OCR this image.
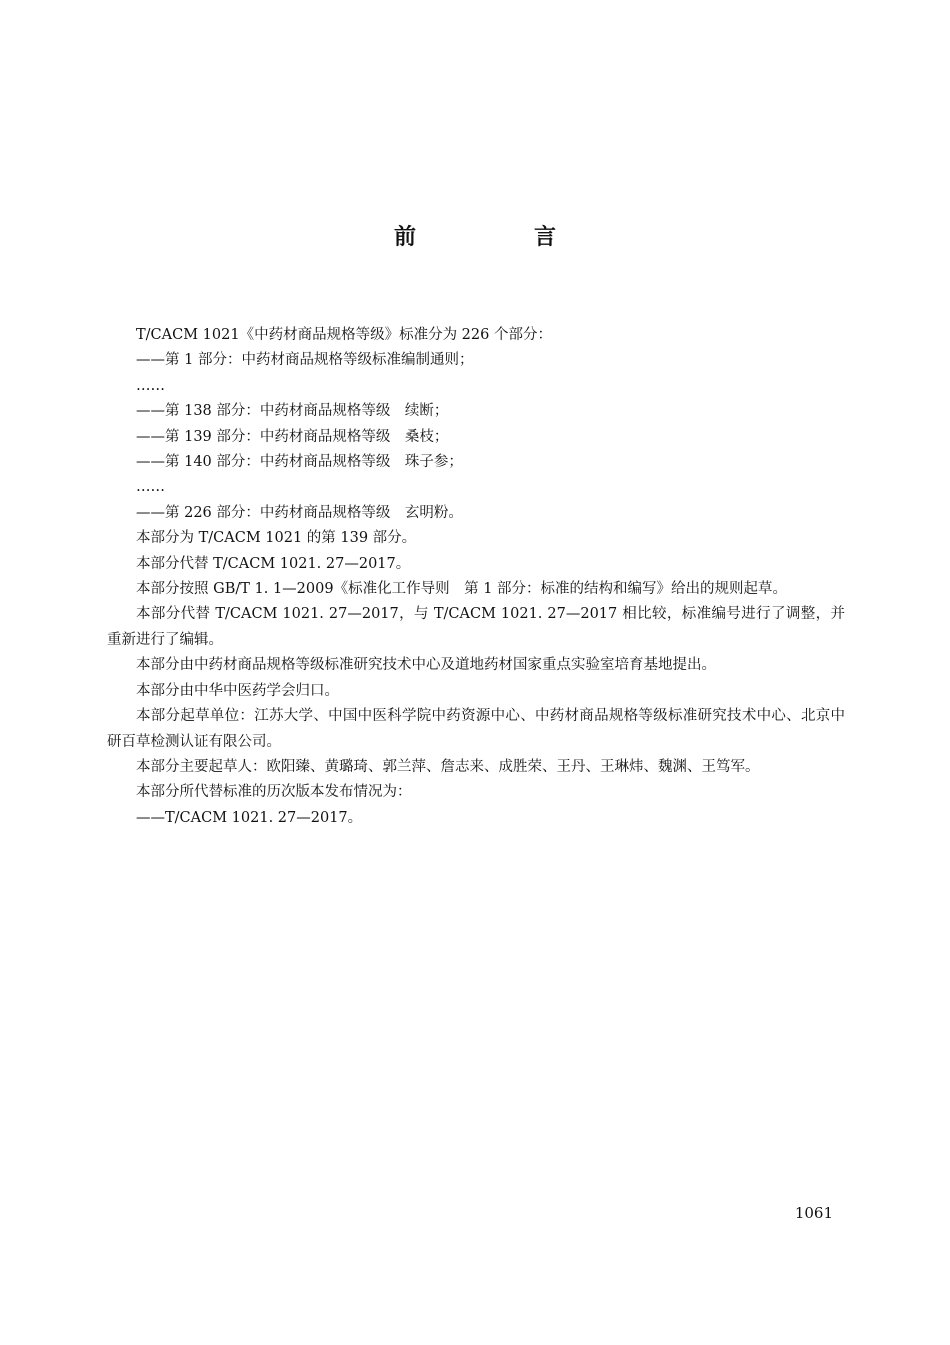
前　言

T/CACM 1021《中药材商品规格等级》标准分为 226 个部分：

——第 1 部分：中药材商品规格等级标准编制通则；

……

——第 138 部分：中药材商品规格等级　续断；

——第 139 部分：中药材商品规格等级　桑枝；

——第 140 部分：中药材商品规格等级　珠子参；

……

——第 226 部分：中药材商品规格等级　玄明粉。

本部分为 T/CACM 1021 的第 139 部分。

本部分代替 T/CACM 1021. 27—2017。

本部分按照 GB/T 1. 1—2009《标准化工作导则　第 1 部分：标准的结构和编写》给出的规则起草。

本部分代替 T/CACM 1021. 27—2017，与 T/CACM 1021. 27—2017 相比较，标准编号进行了调整，并重新进行了编辑。

本部分由中药材商品规格等级标准研究技术中心及道地药材国家重点实验室培育基地提出。

本部分由中华中医药学会归口。

本部分起草单位：江苏大学、中国中医科学院中药资源中心、中药材商品规格等级标准研究技术中心、北京中研百草检测认证有限公司。

本部分主要起草人：欧阳臻、黄璐琦、郭兰萍、詹志来、成胜荣、王丹、王琳炜、魏渊、王笃军。

本部分所代替标准的历次版本发布情况为：

——T/CACM 1021. 27—2017。

1061
